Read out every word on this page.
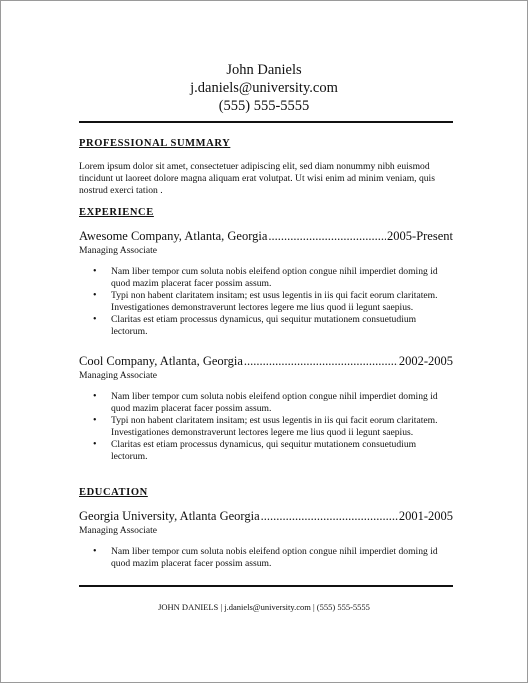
John Daniels
j.daniels@university.com
(555) 555-5555
PROFESSIONAL SUMMARY
Lorem ipsum dolor sit amet, consectetuer adipiscing elit, sed diam nonummy nibh euismod tincidunt ut laoreet dolore magna aliquam erat volutpat. Ut wisi enim ad minim veniam, quis nostrud exerci tation .
EXPERIENCE
Awesome Company, Atlanta, Georgia .....	2005-Present
Managing Associate
• Nam liber tempor cum soluta nobis eleifend option congue nihil imperdiet doming id quod mazim placerat facer possim assum.
• Typi non habent claritatem insitam; est usus legentis in iis qui facit eorum claritatem. Investigationes demonstraverunt lectores legere me lius quod ii legunt saepius.
• Claritas est etiam processus dynamicus, qui sequitur mutationem consuetudium lectorum.
Cool Company, Atlanta, Georgia .....	2002-2005
Managing Associate
• Nam liber tempor cum soluta nobis eleifend option congue nihil imperdiet doming id quod mazim placerat facer possim assum.
• Typi non habent claritatem insitam; est usus legentis in iis qui facit eorum claritatem. Investigationes demonstraverunt lectores legere me lius quod ii legunt saepius.
• Claritas est etiam processus dynamicus, qui sequitur mutationem consuetudium lectorum.
EDUCATION
Georgia University, Atlanta Georgia .....	2001-2005
Managing Associate
• Nam liber tempor cum soluta nobis eleifend option congue nihil imperdiet doming id quod mazim placerat facer possim assum.
JOHN DANIELS | j.daniels@university.com | (555) 555-5555
